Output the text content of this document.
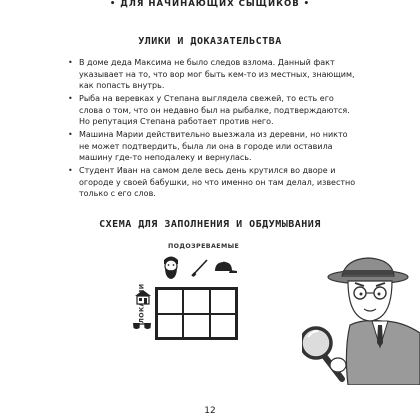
• ДЛЯ НАЧИНАЮЩИХ СЫЩИКОВ •
УЛИКИ И ДОКАЗАТЕЛЬСТВА
• В доме деда Максима не было следов взлома. Данный факт указывает на то, что вор мог быть кем-то из местных, знающим, как попасть внутрь.
• Рыба на веревках у Степана выглядела свежей, то есть его слова о том, что он недавно был на рыбалке, подтверждаются. Но репутация Степана работает против него.
• Машина Марии действительно выезжала из деревни, но никто не может подтвердить, была ли она в городе или оставила машину где-то неподалеку и вернулась.
• Студент Иван на самом деле весь день крутился во дворе и огороде у своей бабушки, но что именно он там делал, известно только с его слов.
СХЕМА ДЛЯ ЗАПОЛНЕНИЯ И ОБДУМЫВАНИЯ
ПОДОЗРЕВАЕМЫЕ
12
